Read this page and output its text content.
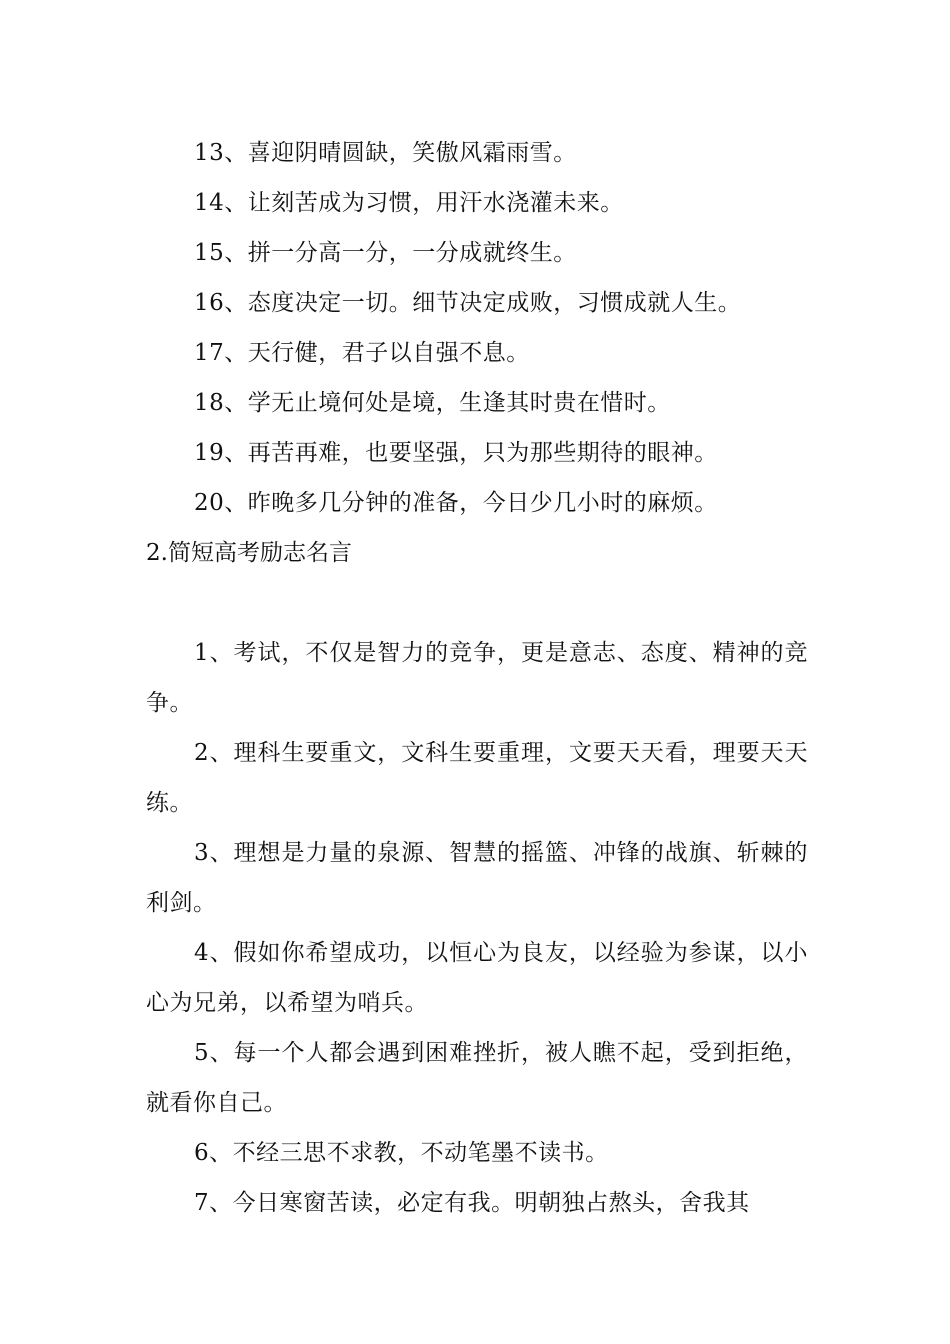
13、喜迎阴晴圆缺，笑傲风霜雨雪。
14、让刻苦成为习惯，用汗水浇灌未来。
15、拼一分高一分，一分成就终生。
16、态度决定一切。细节决定成败，习惯成就人生。
17、天行健，君子以自强不息。
18、学无止境何处是境，生逢其时贵在惜时。
19、再苦再难，也要坚强，只为那些期待的眼神。
20、昨晚多几分钟的准备，今日少几小时的麻烦。
2.简短高考励志名言
1、考试，不仅是智力的竞争，更是意志、态度、精神的竞争。
2、理科生要重文，文科生要重理，文要天天看，理要天天练。
3、理想是力量的泉源、智慧的摇篮、冲锋的战旗、斩棘的利剑。
4、假如你希望成功，以恒心为良友，以经验为参谋，以小心为兄弟，以希望为哨兵。
5、每一个人都会遇到困难挫折，被人瞧不起，受到拒绝，就看你自己。
6、不经三思不求教，不动笔墨不读书。
7、今日寒窗苦读，必定有我。明朝独占熬头，舍我其
